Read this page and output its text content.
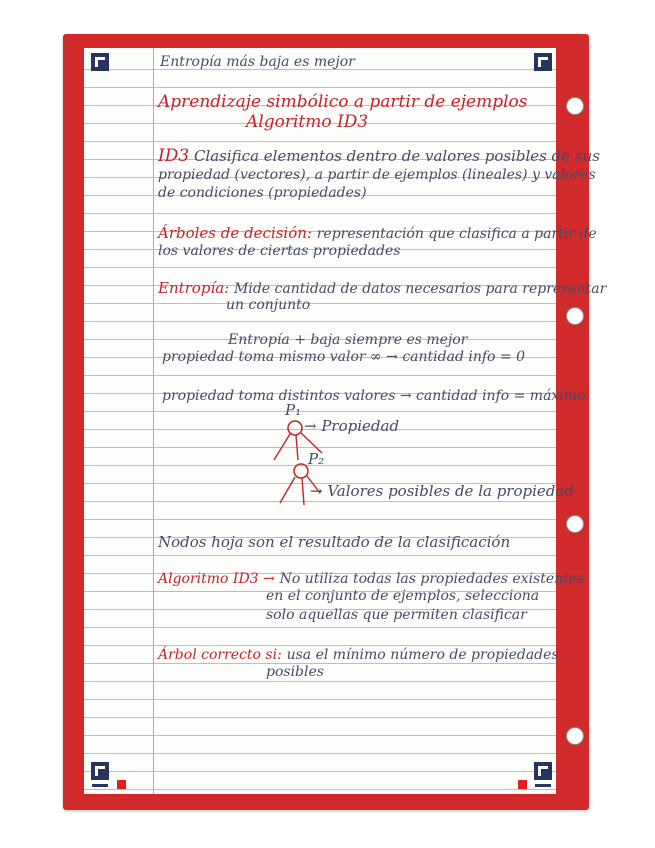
Entropía más baja es mejor
Aprendizaje simbólico a partir de ejemplos
Algoritmo ID3
ID3 Clasifica elementos dentro de valores posibles de sus
propiedad (vectores), a partir de ejemplos (lineales) y valores
de condiciones (propiedades)
Árboles de decisión: representación que clasifica a partir de
los valores de ciertas propiedades
Entropía: Mide cantidad de datos necesarios para representar
un conjunto
Entropía + baja siempre es mejor
propiedad toma mismo valor ∞ → cantidad info = 0
propiedad toma distintos valores → cantidad info = máximo
P₁
P₂
→ Propiedad
→ Valores posibles de la propiedad
Nodos hoja son el resultado de la clasificación
Algoritmo ID3 → No utiliza todas las propiedades existentes
en el conjunto de ejemplos, selecciona
solo aquellas que permiten clasificar
Árbol correcto si: usa el mínimo número de propiedades
posibles
